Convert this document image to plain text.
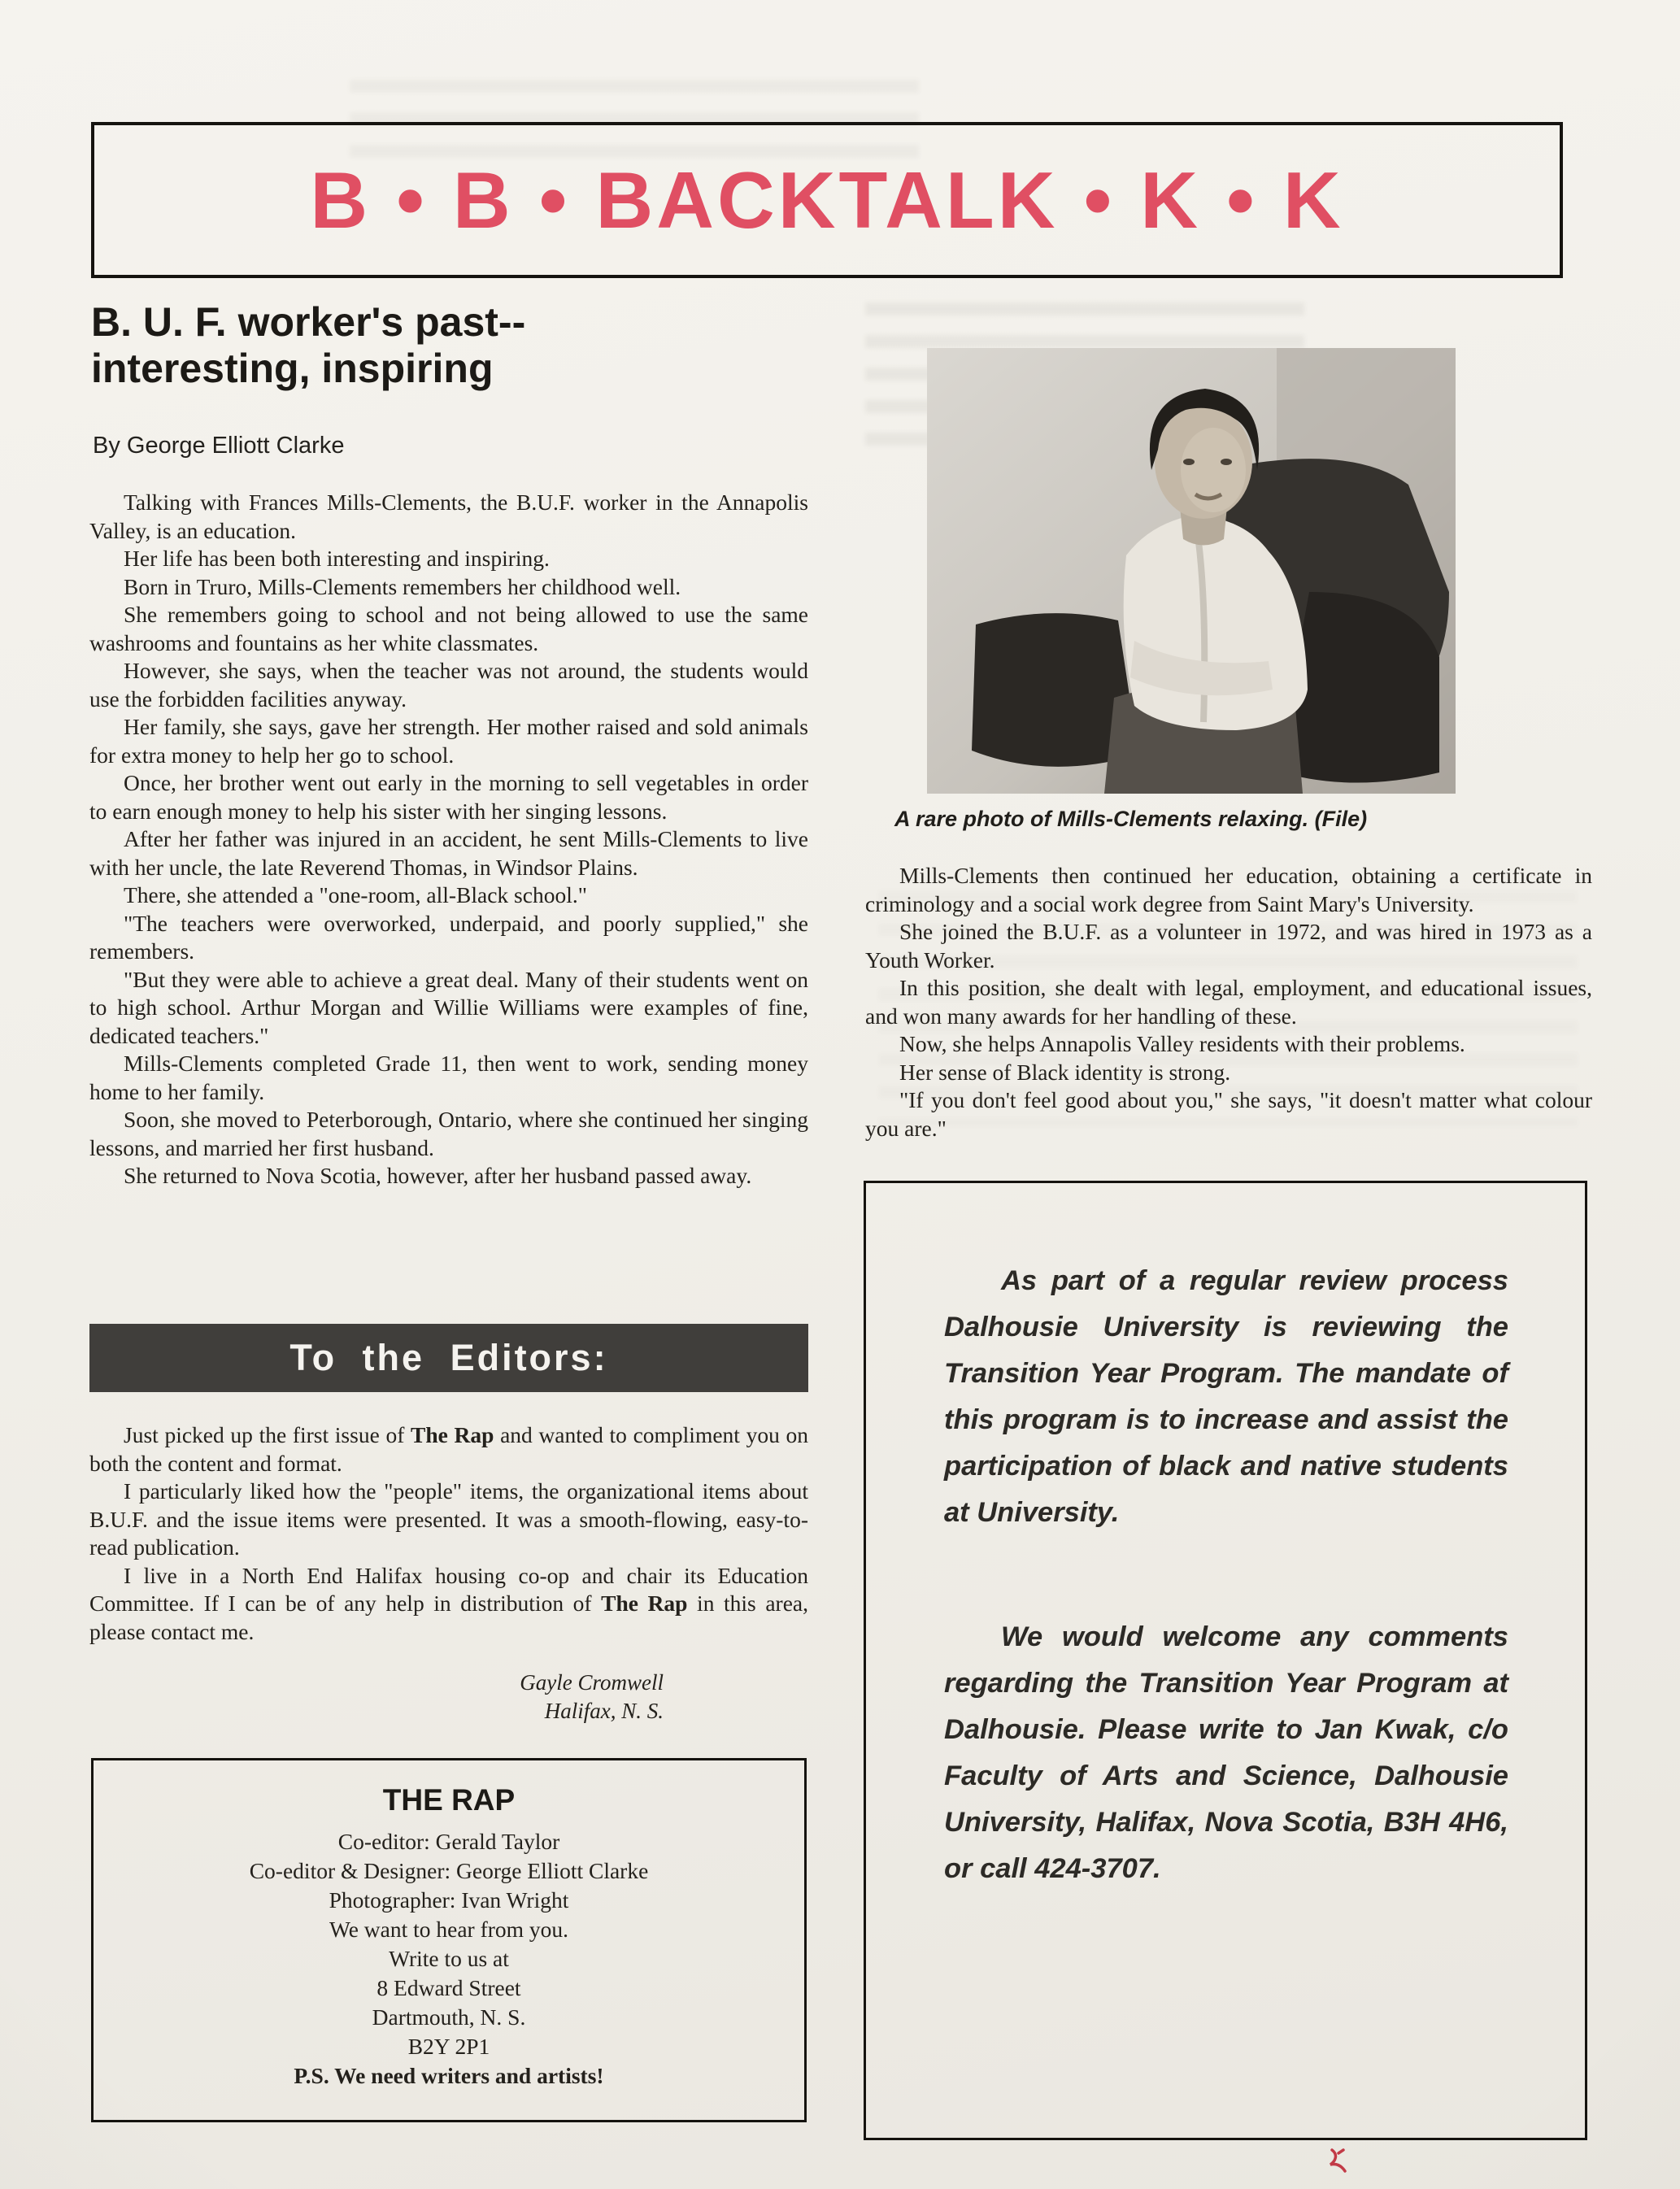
B • B • BACKTALK • K • K
B. U. F. worker's past--
interesting, inspiring
By George Elliott Clarke

Talking with Frances Mills-Clements, the B.U.F. worker in the Annapolis Valley, is an education.

Her life has been both interesting and inspiring.

Born in Truro, Mills-Clements remembers her childhood well.

She remembers going to school and not being allowed to use the same washrooms and fountains as her white classmates.

However, she says, when the teacher was not around, the students would use the forbidden facilities anyway.

Her family, she says, gave her strength. Her mother raised and sold animals for extra money to help her go to school.

Once, her brother went out early in the morning to sell vegetables in order to earn enough money to help his sister with her singing lessons.

After her father was injured in an accident, he sent Mills-Clements to live with her uncle, the late Reverend Thomas, in Windsor Plains.

There, she attended a "one-room, all-Black school."

"The teachers were overworked, underpaid, and poorly supplied," she remembers.

"But they were able to achieve a great deal. Many of their students went on to high school. Arthur Morgan and Willie Williams were examples of fine, dedicated teachers."

Mills-Clements completed Grade 11, then went to work, sending money home to her family.

Soon, she moved to Peterborough, Ontario, where she continued her singing lessons, and married her first husband.

She returned to Nova Scotia, however, after her husband passed away.

A rare photo of Mills-Clements relaxing. (File)

Mills-Clements then continued her education, obtaining a certificate in criminology and a social work degree from Saint Mary's University.

She joined the B.U.F. as a volunteer in 1972, and was hired in 1973 as a Youth Worker.

In this position, she dealt with legal, employment, and educational issues, and won many awards for her handling of these.

Now, she helps Annapolis Valley residents with their problems.

Her sense of Black identity is strong.

"If you don't feel good about you," she says, "it doesn't matter what colour you are."

To the Editors:

Just picked up the first issue of The Rap and wanted to compliment you on both the content and format.

I particularly liked how the "people" items, the organizational items about B.U.F. and the issue items were presented. It was a smooth-flowing, easy-to-read publication.

I live in a North End Halifax housing co-op and chair its Education Committee. If I can be of any help in distribution of The Rap in this area, please contact me.

Gayle Cromwell
Halifax, N. S.
THE RAP

Co-editor: Gerald Taylor

Co-editor & Designer: George Elliott Clarke

Photographer: Ivan Wright

We want to hear from you.

Write to us at

8 Edward Street

Dartmouth, N. S.

B2Y 2P1

P.S. We need writers and artists!

As part of a regular review process Dalhousie University is reviewing the Transition Year Program. The mandate of this program is to increase and assist the participation of black and native students at University.

We would welcome any comments regarding the Transition Year Program at Dalhousie. Please write to Jan Kwak, c/o Faculty of Arts and Science, Dalhousie University, Halifax, Nova Scotia, B3H 4H6, or call 424-3707.
